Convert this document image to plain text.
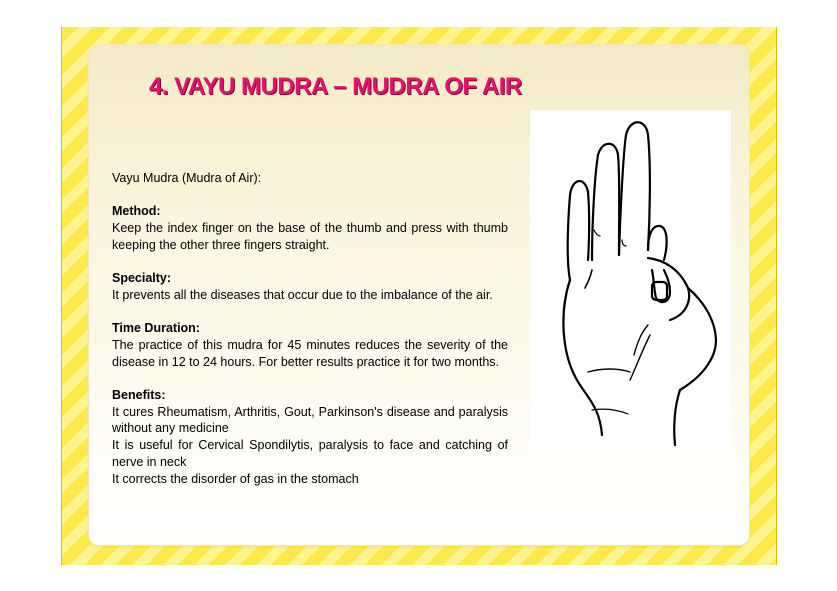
4. VAYU MUDRA – MUDRA OF AIR

Vayu Mudra (Mudra of Air):

Method:

Keep the index finger on the base of the thumb and press with thumb keeping the other three fingers straight.

Specialty:

It prevents all the diseases that occur due to the imbalance of the air.

Time Duration:

The practice of this mudra for 45 minutes reduces the severity of the disease in 12 to 24 hours. For better results practice it for two months.

Benefits:

It cures Rheumatism, Arthritis, Gout, Parkinson's disease and paralysis without any medicine

It is useful for Cervical Spondilytis, paralysis to face and catching of nerve in neck

It corrects the disorder of gas in the stomach
